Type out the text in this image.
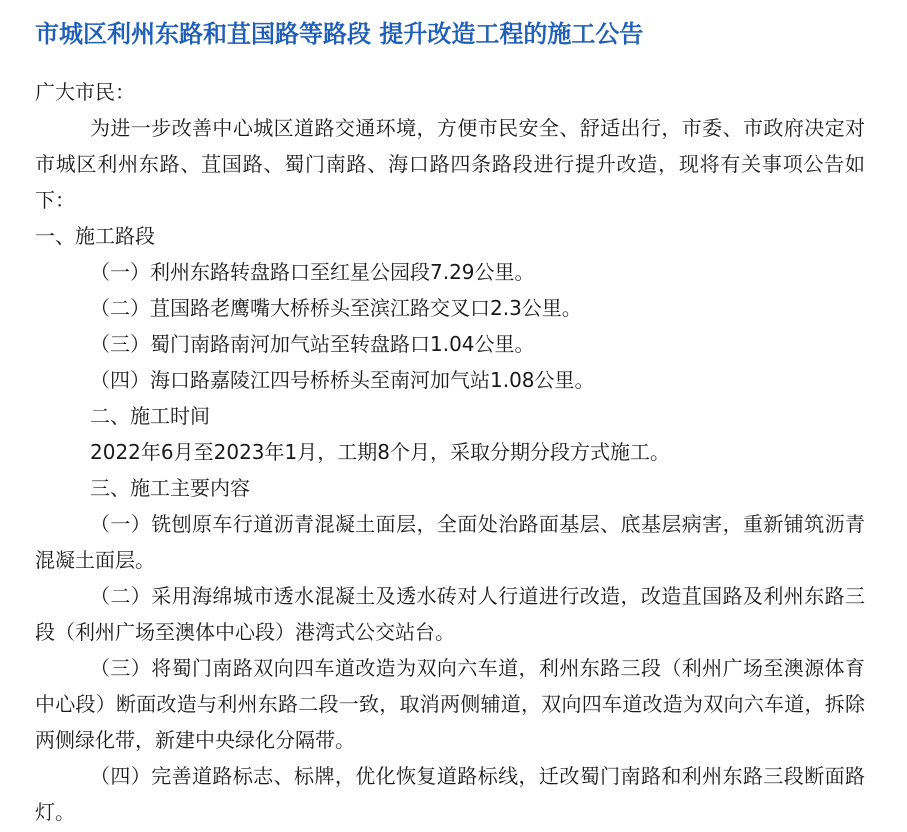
市城区利州东路和苴国路等路段 提升改造工程的施工公告
广大市民：
为进一步改善中心城区道路交通环境，方便市民安全、舒适出行，市委、市政府决定对市城区利州东路、苴国路、蜀门南路、海口路四条路段进行提升改造，现将有关事项公告如下：
一、施工路段
（一）利州东路转盘路口至红星公园段7.29公里。
（二）苴国路老鹰嘴大桥桥头至滨江路交叉口2.3公里。
（三）蜀门南路南河加气站至转盘路口1.04公里。
（四）海口路嘉陵江四号桥桥头至南河加气站1.08公里。
二、施工时间
2022年6月至2023年1月，工期8个月，采取分期分段方式施工。
三、施工主要内容
（一）铣刨原车行道沥青混凝土面层，全面处治路面基层、底基层病害，重新铺筑沥青混凝土面层。
（二）采用海绵城市透水混凝土及透水砖对人行道进行改造，改造苴国路及利州东路三段（利州广场至澳体中心段）港湾式公交站台。
（三）将蜀门南路双向四车道改造为双向六车道，利州东路三段（利州广场至澳源体育中心段）断面改造与利州东路二段一致，取消两侧辅道，双向四车道改造为双向六车道，拆除两侧绿化带，新建中央绿化分隔带。
（四）完善道路标志、标牌，优化恢复道路标线，迁改蜀门南路和利州东路三段断面路灯。
